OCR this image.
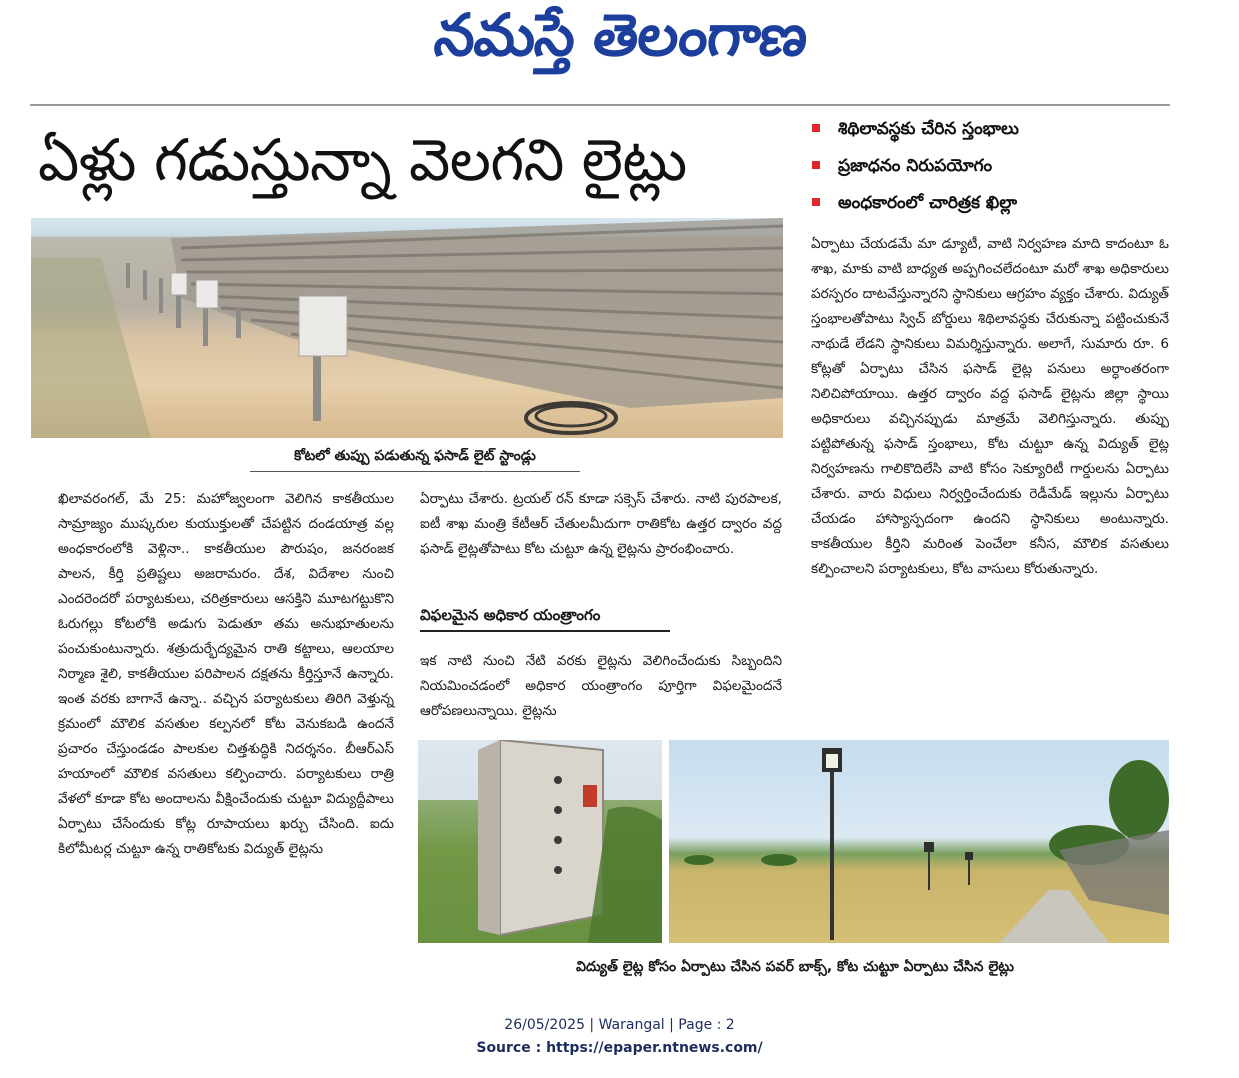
నమస్తే తెలంగాణ
ఏళ్లు గడుస్తున్నా వెలగని లైట్లు	శిథిలావస్థకు చేరిన స్తంభాలు
ప్రజాధనం నిరుపయోగం
అంధకారంలో చారిత్రక ఖిల్లా
కోటలో తుప్పు పడుతున్న ఫసాడ్ లైట్ స్టాండ్లు

ఖిలావరంగల్, మే 25: మహోజ్వలంగా వెలిగిన కాకతీయుల సామ్రాజ్యం ముష్కరుల కుయుక్తులతో చేపట్టిన దండయాత్ర వల్ల అంధకారంలోకి వెళ్లినా.. కాకతీయుల పౌరుషం, జనరంజక పాలన, కీర్తి ప్రతిష్టలు అజరామరం. దేశ, విదేశాల నుంచి ఎందరెందరో పర్యాటకులు, చరిత్రకారులు ఆసక్తిని మూటగట్టుకొని ఓరుగల్లు కోటలోకి అడుగు పెడుతూ తమ అనుభూతులను పంచుకుంటున్నారు. శత్రుదుర్భేద్యమైన రాతి కట్టాలు, ఆలయాల నిర్మాణ శైలి, కాకతీయుల పరిపాలన దక్షతను కీర్తిస్తూనే ఉన్నారు. ఇంత వరకు బాగానే ఉన్నా.. వచ్చిన పర్యాటకులు తిరిగి వెళ్తున్న క్రమంలో మౌలిక వసతుల కల్పనలో కోట వెనుకబడి ఉందనే ప్రచారం చేస్తుండడం పాలకుల చిత్తశుద్ధికి నిదర్శనం. బీఆర్ఎస్ హయాంలో మౌలిక వసతులు కల్పించారు. పర్యాటకులు రాత్రి వేళలో కూడా కోట అందాలను వీక్షించేందుకు చుట్టూ విద్యుద్దీపాలు ఏర్పాటు చేసేందుకు కోట్ల రూపాయలు ఖర్చు చేసింది. ఐదు కిలోమీటర్ల చుట్టూ ఉన్న రాతికోటకు విద్యుత్ లైట్లను

ఏర్పాటు చేశారు. ట్రయల్ రన్ కూడా సక్సెస్ చేశారు. నాటి పురపాలక, ఐటీ శాఖ మంత్రి కేటీఆర్ చేతులమీదుగా రాతికోట ఉత్తర ద్వారం వద్ద ఫసాడ్ లైట్లతోపాటు కోట చుట్టూ ఉన్న లైట్లను ప్రారంభించారు.

విఫలమైన అధికార యంత్రాంగం

ఇక నాటి నుంచి నేటి వరకు లైట్లను వెలిగించేందుకు సిబ్బందిని నియమించడంలో అధికార యంత్రాంగం పూర్తిగా విఫలమైందనే ఆరోపణలున్నాయి. లైట్లను

ఏర్పాటు చేయడమే మా డ్యూటీ, వాటి నిర్వహణ మాది కాదంటూ ఓ శాఖ, మాకు వాటి బాధ్యత అప్పగించలేదంటూ మరో శాఖ అధికారులు పరస్పరం దాటవేస్తున్నారని స్థానికులు ఆగ్రహం వ్యక్తం చేశారు. విద్యుత్ స్తంభాలతోపాటు స్విచ్ బోర్డులు శిథిలావస్థకు చేరుకున్నా పట్టించుకునే నాథుడే లేడని స్థానికులు విమర్శిస్తున్నారు. అలాగే, సుమారు రూ. 6 కోట్లతో ఏర్పాటు చేసిన ఫసాడ్ లైట్ల పనులు అర్ధాంతరంగా నిలిచిపోయాయి. ఉత్తర ద్వారం వద్ద ఫసాడ్ లైట్లను జిల్లా స్థాయి అధికారులు వచ్చినప్పుడు మాత్రమే వెలిగిస్తున్నారు. తుప్పు పట్టిపోతున్న ఫసాడ్ స్తంభాలు, కోట చుట్టూ ఉన్న విద్యుత్ లైట్ల నిర్వహణను గాలికొదిలేసి వాటి కోసం సెక్యూరిటీ గార్డులను ఏర్పాటు చేశారు. వారు విధులు నిర్వర్తించేందుకు రెడీమేడ్ ఇల్లును ఏర్పాటు చేయడం హాస్యాస్పదంగా ఉందని స్థానికులు అంటున్నారు. కాకతీయుల కీర్తిని మరింత పెంచేలా కనీస, మౌలిక వసతులు కల్పించాలని పర్యాటకులు, కోట వాసులు కోరుతున్నారు.

విద్యుత్ లైట్ల కోసం ఏర్పాటు చేసిన పవర్ బాక్స్, కోట చుట్టూ ఏర్పాటు చేసిన లైట్లు
26/05/2025 | Warangal | Page : 2
Source : https://epaper.ntnews.com/
